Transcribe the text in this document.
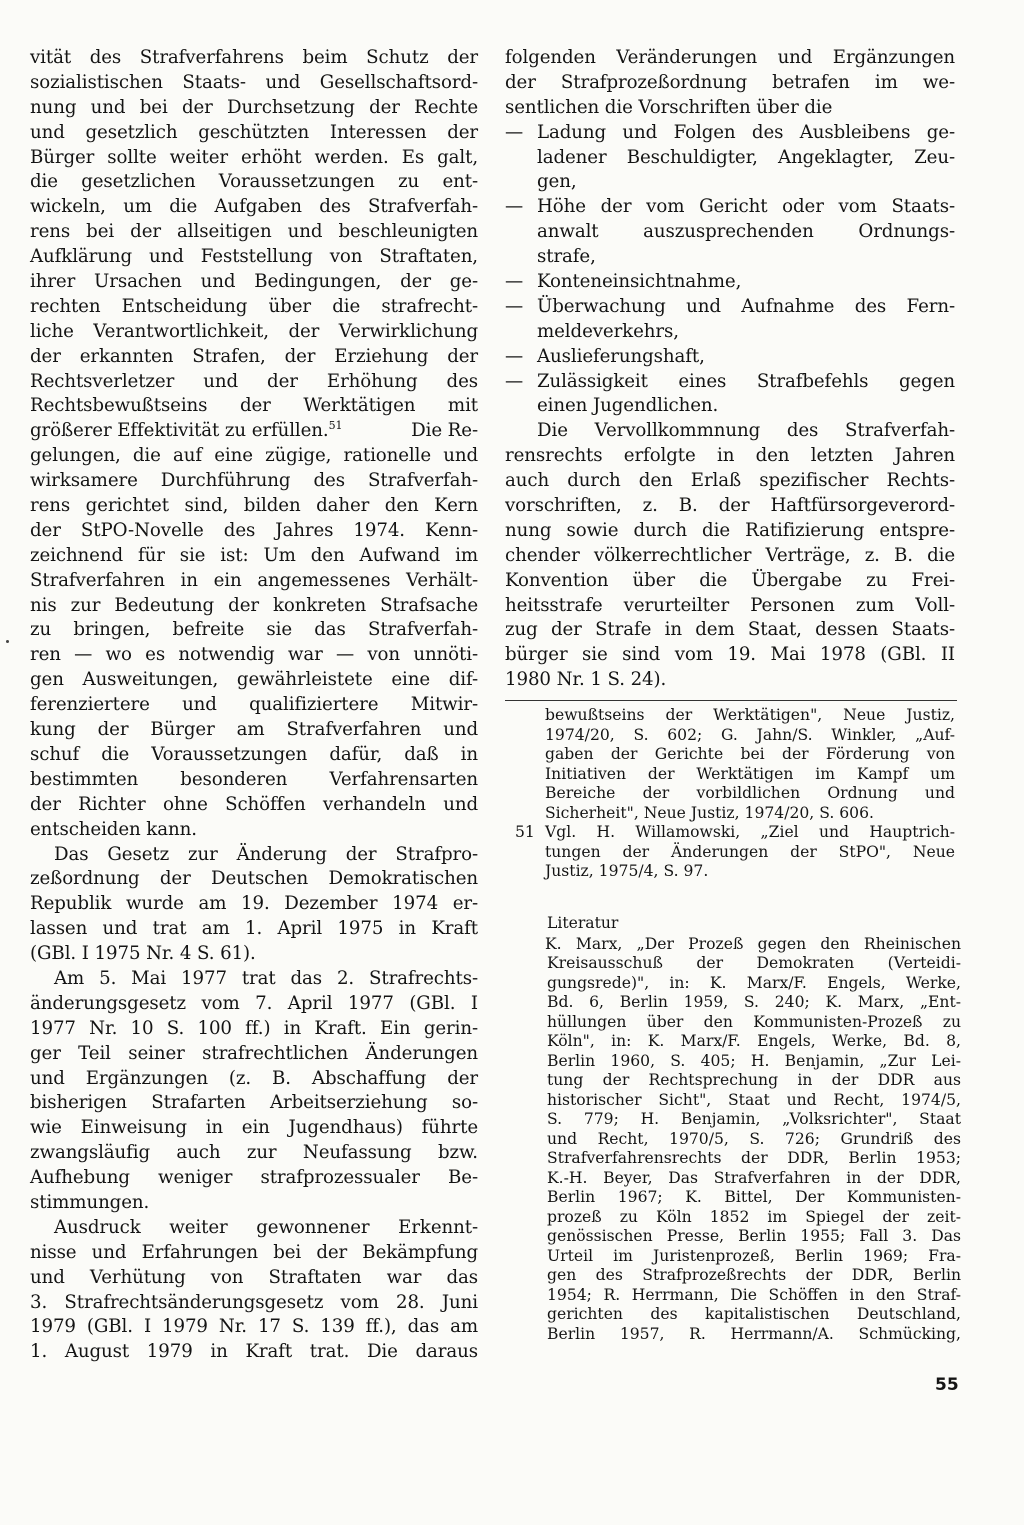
vität des Strafverfahrens beim Schutz der
sozialistischen Staats- und Gesellschaftsord-
nung und bei der Durchsetzung der Rechte
und gesetzlich geschützten Interessen der
Bürger sollte weiter erhöht werden. Es galt,
die gesetzlichen Voraussetzungen zu ent-
wickeln, um die Aufgaben des Strafverfah-
rens bei der allseitigen und beschleunigten
Aufklärung und Feststellung von Straftaten,
ihrer Ursachen und Bedingungen, der ge-
rechten Entscheidung über die strafrecht-
liche Verantwortlichkeit, der Verwirklichung
der erkannten Strafen, der Erziehung der
Rechtsverletzer und der Erhöhung des
Rechtsbewußtseins der Werktätigen mit
größerer Effektivität zu erfüllen.$^{51}$	Die Re-
gelungen, die auf eine zügige, rationelle und
wirksamere Durchführung des Strafverfah-
rens gerichtet sind, bilden daher den Kern
der StPO-Novelle des Jahres 1974. Kenn-
zeichnend für sie ist: Um den Aufwand im
Strafverfahren in ein angemessenes Verhält-
nis zur Bedeutung der konkreten Strafsache
zu bringen, befreite sie das Strafverfah-
ren — wo es notwendig war — von unnöti-
gen Ausweitungen, gewährleistete eine dif-
ferenziertere und qualifiziertere Mitwir-
kung der Bürger am Strafverfahren und
schuf die Voraussetzungen dafür, daß in
bestimmten besonderen Verfahrensarten
der Richter ohne Schöffen verhandeln und
entscheiden kann.
Das Gesetz zur Änderung der Strafpro-
zeßordnung der Deutschen Demokratischen
Republik wurde am 19. Dezember 1974 er-
lassen und trat am 1. April 1975 in Kraft
(GBl. I 1975 Nr. 4 S. 61).
Am 5. Mai 1977 trat das 2. Strafrechts-
änderungsgesetz vom 7. April 1977 (GBl. I
1977 Nr. 10 S. 100 ff.) in Kraft. Ein gerin-
ger Teil seiner strafrechtlichen Änderungen
und Ergänzungen (z. B. Abschaffung der
bisherigen Strafarten Arbeitserziehung so-
wie Einweisung in ein Jugendhaus) führte
zwangsläufig auch zur Neufassung bzw.
Aufhebung weniger strafprozessualer Be-
stimmungen.
Ausdruck weiter gewonnener Erkennt-
nisse und Erfahrungen bei der Bekämpfung
und Verhütung von Straftaten war das
3. Strafrechtsänderungsgesetz vom 28. Juni
1979 (GBl. I 1979 Nr. 17 S. 139 ff.), das am
1. August 1979 in Kraft trat. Die daraus
folgenden Veränderungen und Ergänzungen
der Strafprozeßordnung betrafen im we-
sentlichen die Vorschriften über die
— Ladung und Folgen des Ausbleibens ge-
ladener Beschuldigter, Angeklagter, Zeu-
gen,
— Höhe der vom Gericht oder vom Staats-
anwalt auszusprechenden Ordnungs-
strafe,
— Konteneinsichtnahme,
— Überwachung und Aufnahme des Fern-
meldeverkehrs,
— Auslieferungshaft,
— Zulässigkeit eines Strafbefehls gegen
einen Jugendlichen.
Die Vervollkommnung des Strafverfah-
rensrechts erfolgte in den letzten Jahren
auch durch den Erlaß spezifischer Rechts-
vorschriften, z. B. der Haftfürsorgeverord-
nung sowie durch die Ratifizierung entspre-
chender völkerrechtlicher Verträge, z. B. die
Konvention über die Übergabe zu Frei-
heitsstrafe verurteilter Personen zum Voll-
zug der Strafe in dem Staat, dessen Staats-
bürger sie sind vom 19. Mai 1978 (GBl. II
1980 Nr. 1 S. 24).
bewußtseins der Werktätigen", Neue Justiz,
1974/20, S. 602; G. Jahn/S. Winkler, „Auf-
gaben der Gerichte bei der Förderung von
Initiativen der Werktätigen im Kampf um
Bereiche der vorbildlichen Ordnung und
Sicherheit", Neue Justiz, 1974/20, S. 606.
51 Vgl. H. Willamowski, „Ziel und Hauptrich-
tungen der Änderungen der StPO", Neue
Justiz, 1975/4, S. 97.
Literatur
K. Marx, „Der Prozeß gegen den Rheinischen
Kreisausschuß der Demokraten (Verteidi-
gungsrede)", in: K. Marx/F. Engels, Werke,
Bd. 6, Berlin 1959, S. 240; K. Marx, „Ent-
hüllungen über den Kommunisten-Prozeß zu
Köln", in: K. Marx/F. Engels, Werke, Bd. 8,
Berlin 1960, S. 405; H. Benjamin, „Zur Lei-
tung der Rechtsprechung in der DDR aus
historischer Sicht", Staat und Recht, 1974/5,
S. 779; H. Benjamin, „Volksrichter", Staat
und Recht, 1970/5, S. 726; Grundriß des
Strafverfahrensrechts der DDR, Berlin 1953;
K.-H. Beyer, Das Strafverfahren in der DDR,
Berlin 1967; K. Bittel, Der Kommunisten-
prozeß zu Köln 1852 im Spiegel der zeit-
genössischen Presse, Berlin 1955; Fall 3. Das
Urteil im Juristenprozeß, Berlin 1969; Fra-
gen des Strafprozeßrechts der DDR, Berlin
1954; R. Herrmann, Die Schöffen in den Straf-
gerichten des kapitalistischen Deutschland,
Berlin 1957, R. Herrmann/A. Schmücking,
55
